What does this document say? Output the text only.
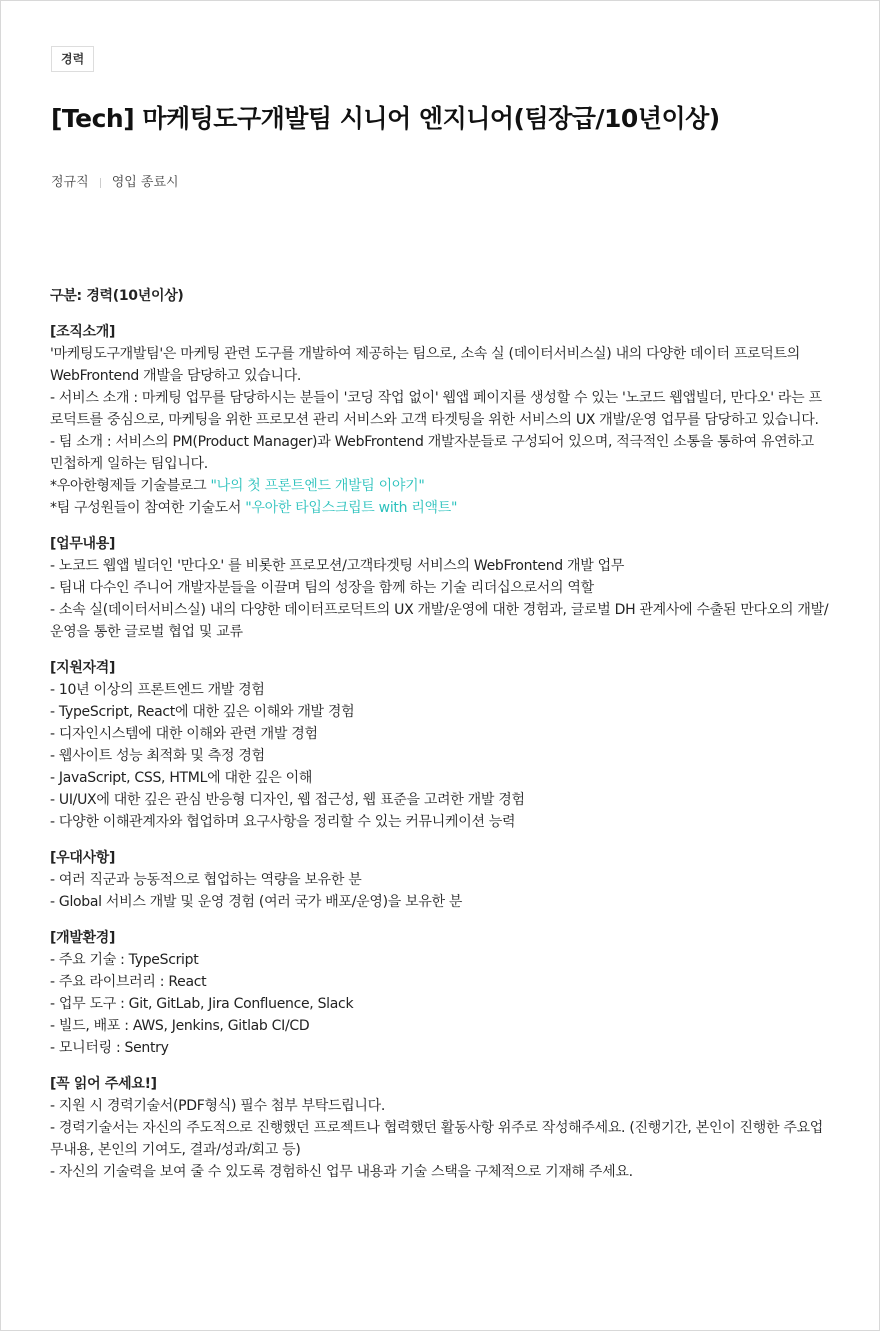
경력
[Tech] 마케팅도구개발팀 시니어 엔지니어(팀장급/10년이상)
정규직 영입 종료시
구분: 경력(10년이상)
[조직소개]
'마케팅도구개발팀'은 마케팅 관련 도구를 개발하여 제공하는 팀으로, 소속 실 (데이터서비스실) 내의 다양한 데이터 프로덕트의 WebFrontend 개발을 담당하고 있습니다.
- 서비스 소개 : 마케팅 업무를 담당하시는 분들이 '코딩 작업 없이' 웹앱 페이지를 생성할 수 있는 '노코드 웹앱빌더, 만다오' 라는 프로덕트를 중심으로, 마케팅을 위한 프로모션 관리 서비스와 고객 타겟팅을 위한 서비스의 UX 개발/운영 업무를 담당하고 있습니다.
- 팀 소개 : 서비스의 PM(Product Manager)과 WebFrontend 개발자분들로 구성되어 있으며, 적극적인 소통을 통하여 유연하고 민첩하게 일하는 팀입니다.
*우아한형제들 기술블로그 "나의 첫 프론트엔드 개발팀 이야기"
*팀 구성원들이 참여한 기술도서 "우아한 타입스크립트 with 리액트"
[업무내용]
- 노코드 웹앱 빌더인 '만다오' 를 비롯한 프로모션/고객타겟팅 서비스의 WebFrontend 개발 업무
- 팀내 다수인 주니어 개발자분들을 이끌며 팀의 성장을 함께 하는 기술 리더십으로서의 역할
- 소속 실(데이터서비스실) 내의 다양한 데이터프로덕트의 UX 개발/운영에 대한 경험과, 글로벌 DH 관계사에 수출된 만다오의 개발/운영을 통한 글로벌 협업 및 교류
[지원자격]
- 10년 이상의 프론트엔드 개발 경험
- TypeScript, React에 대한 깊은 이해와 개발 경험
- 디자인시스템에 대한 이해와 관련 개발 경험
- 웹사이트 성능 최적화 및 측정 경험
- JavaScript, CSS, HTML에 대한 깊은 이해
- UI/UX에 대한 깊은 관심 반응형 디자인, 웹 접근성, 웹 표준을 고려한 개발 경험
- 다양한 이해관계자와 협업하며 요구사항을 정리할 수 있는 커뮤니케이션 능력
[우대사항]
- 여러 직군과 능동적으로 협업하는 역량을 보유한 분
- Global 서비스 개발 및 운영 경험 (여러 국가 배포/운영)을 보유한 분
[개발환경]
- 주요 기술 : TypeScript
- 주요 라이브러리 : React
- 업무 도구 : Git, GitLab, Jira Confluence, Slack
- 빌드, 배포 : AWS, Jenkins, Gitlab CI/CD
- 모니터링 : Sentry
[꼭 읽어 주세요!]
- 지원 시 경력기술서(PDF형식) 필수 첨부 부탁드립니다.
- 경력기술서는 자신의 주도적으로 진행했던 프로젝트나 협력했던 활동사항 위주로 작성해주세요. (진행기간, 본인이 진행한 주요업무내용, 본인의 기여도, 결과/성과/회고 등)
- 자신의 기술력을 보여 줄 수 있도록 경험하신 업무 내용과 기술 스택을 구체적으로 기재해 주세요.
